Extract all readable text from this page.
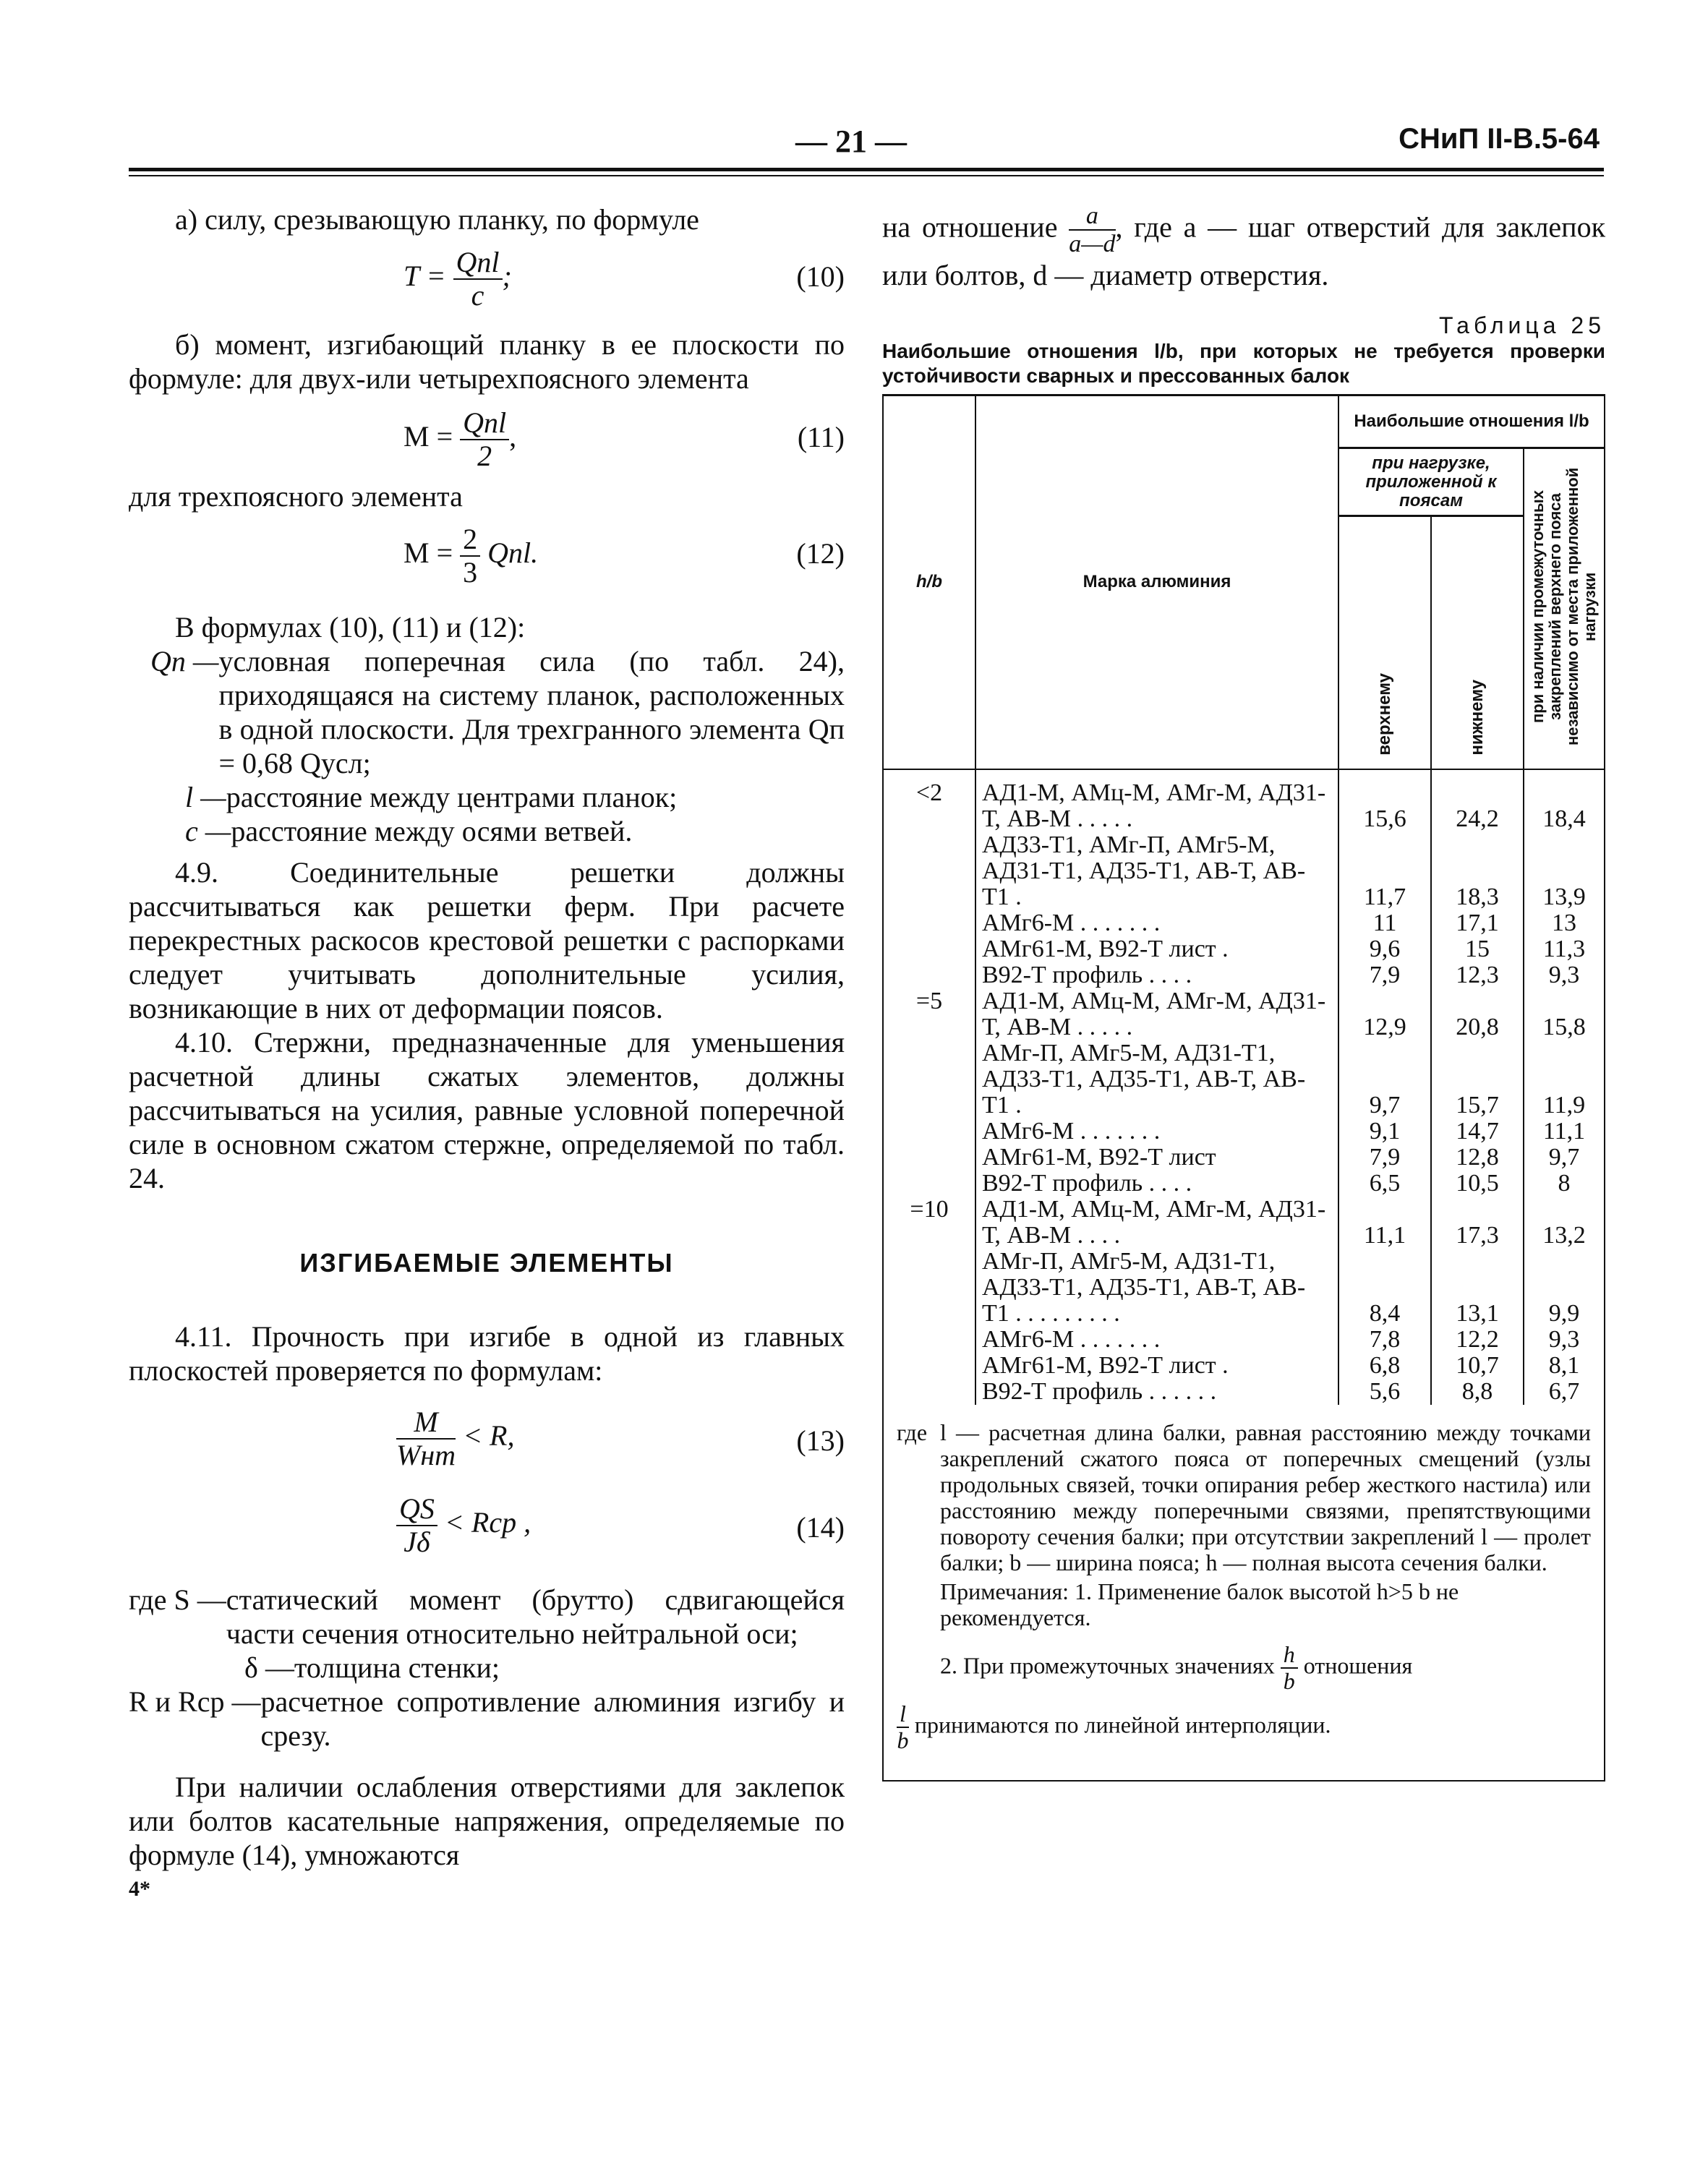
— 21 —	СНиП II-В.5-64

а) силу, срезывающую планку, по формуле

$T = \frac{\text{Qпl}}{c}$ ;	(10)

б) момент, изгибающий планку в ее плоскости по формуле: для двух-или четырехпоясного элемента

$M = \frac{\text{Qпl}}{2}$ ,	(11)

для трехпоясного элемента

$M = \frac{2}{3}$ Qпl.	(12)

В формулах (10), (11) и (12):

Qп — условная поперечная сила (по табл. 24), приходящаяся на систему планок, расположенных в одной плоскости. Для трехгранного элемента Qп = 0,68 Qусл;
l — расстояние между центрами планок;
c — расстояние между осями ветвей.

4.9. Соединительные решетки должны рассчитываться как решетки ферм. При расчете перекрестных раскосов крестовой решетки с распорками следует учитывать дополнительные усилия, возникающие в них от деформации поясов.

4.10. Стержни, предназначенные для уменьшения расчетной длины сжатых элементов, должны рассчитываться на усилия, равные условной поперечной силе в основном сжатом стержне, определяемой по табл. 24.

ИЗГИБАЕМЫЕ ЭЛЕМЕНТЫ

4.11. Прочность при изгибе в одной из главных плоскостей проверяется по формулам:

$\frac{M}{\text{Wнт}} < R$,	(13)
$\frac{QS}{J\delta}$ < Rср ,	(14)
где S — статический момент (брутто) сдвигающейся части сечения относительно нейтральной оси;
δ — толщина стенки;
R и Rср — расчетное сопротивление алюминия изгибу и срезу.

При наличии ослабления отверстиями для заклепок или болтов касательные напряжения, определяемые по формуле (14), умножаются

4*

на отношение $\frac{a}{a—d}$ , где a — шаг отверстий для заклепок или болтов, d — диаметр отверстия.
Таблица 25
Наибольшие отношения l/b, при которых не требуется проверки устойчивости сварных и прессованных балок
h/b	Марка алюминия	Наибольшие отношения l/b		
		при нагрузке, приложенной к поясам		при наличии промежуточных закреплений верхнего пояса независимо от места приложенной нагрузки
		верхнему	нижнему	
<2	АД1-М, АМц-М, АМг-М, АД31-Т, АВ-М . . . . .	15,6	24,2	18,4
	АД33-Т1, АМг-П, АМг5-М, АД31-Т1, АД35-Т1, АВ-Т, АВ-Т1 .	11,7	18,3	13,9
	АМг6-М . . . . . . .	11	17,1	13
	АМг61-М, В92-Т лист .	9,6	15	11,3
	В92-Т профиль . . . .	7,9	12,3	9,3
=5	АД1-М, АМц-М, АМг-М, АД31-Т, АВ-М . . . . .	12,9	20,8	15,8
	АМг-П, АМг5-М, АД31-Т1, АД33-Т1, АД35-Т1, АВ-Т, АВ-Т1 .	9,7	15,7	11,9
	АМг6-М . . . . . . .	9,1	14,7	11,1
	АМг61-М, В92-Т лист	7,9	12,8	9,7
	В92-Т профиль . . . .	6,5	10,5	8
=10	АД1-М, АМц-М, АМг-М, АД31-Т, АВ-М . . . .	11,1	17,3	13,2
	АМг-П, АМг5-М, АД31-Т1, АД33-Т1, АД35-Т1, АВ-Т, АВ-Т1 . . . . . . . . .	8,4	13,1	9,9
	АМг6-М . . . . . . .	7,8	12,2	9,3
	АМг61-М, В92-Т лист .	6,8	10,7	8,1
	В92-Т профиль . . . . . .	5,6	8,8	6,7
где l — расчетная длина балки, равная расстоянию между точками закреплений сжатого пояса от поперечных смещений (узлы продольных связей, точки опирания ребер жесткого настила) или расстоянию между поперечными связями, препятствующими повороту сечения балки; при отсутствии закреплений l — пролет балки; b — ширина пояса; h — полная высота сечения балки.

Примечания: 1. Применение балок высотой h>5 b не рекомендуется.

2. При промежуточных значениях $\frac{h}{b}$ отношения

$\frac{l}{b}$ принимаются по линейной интерполяции.
